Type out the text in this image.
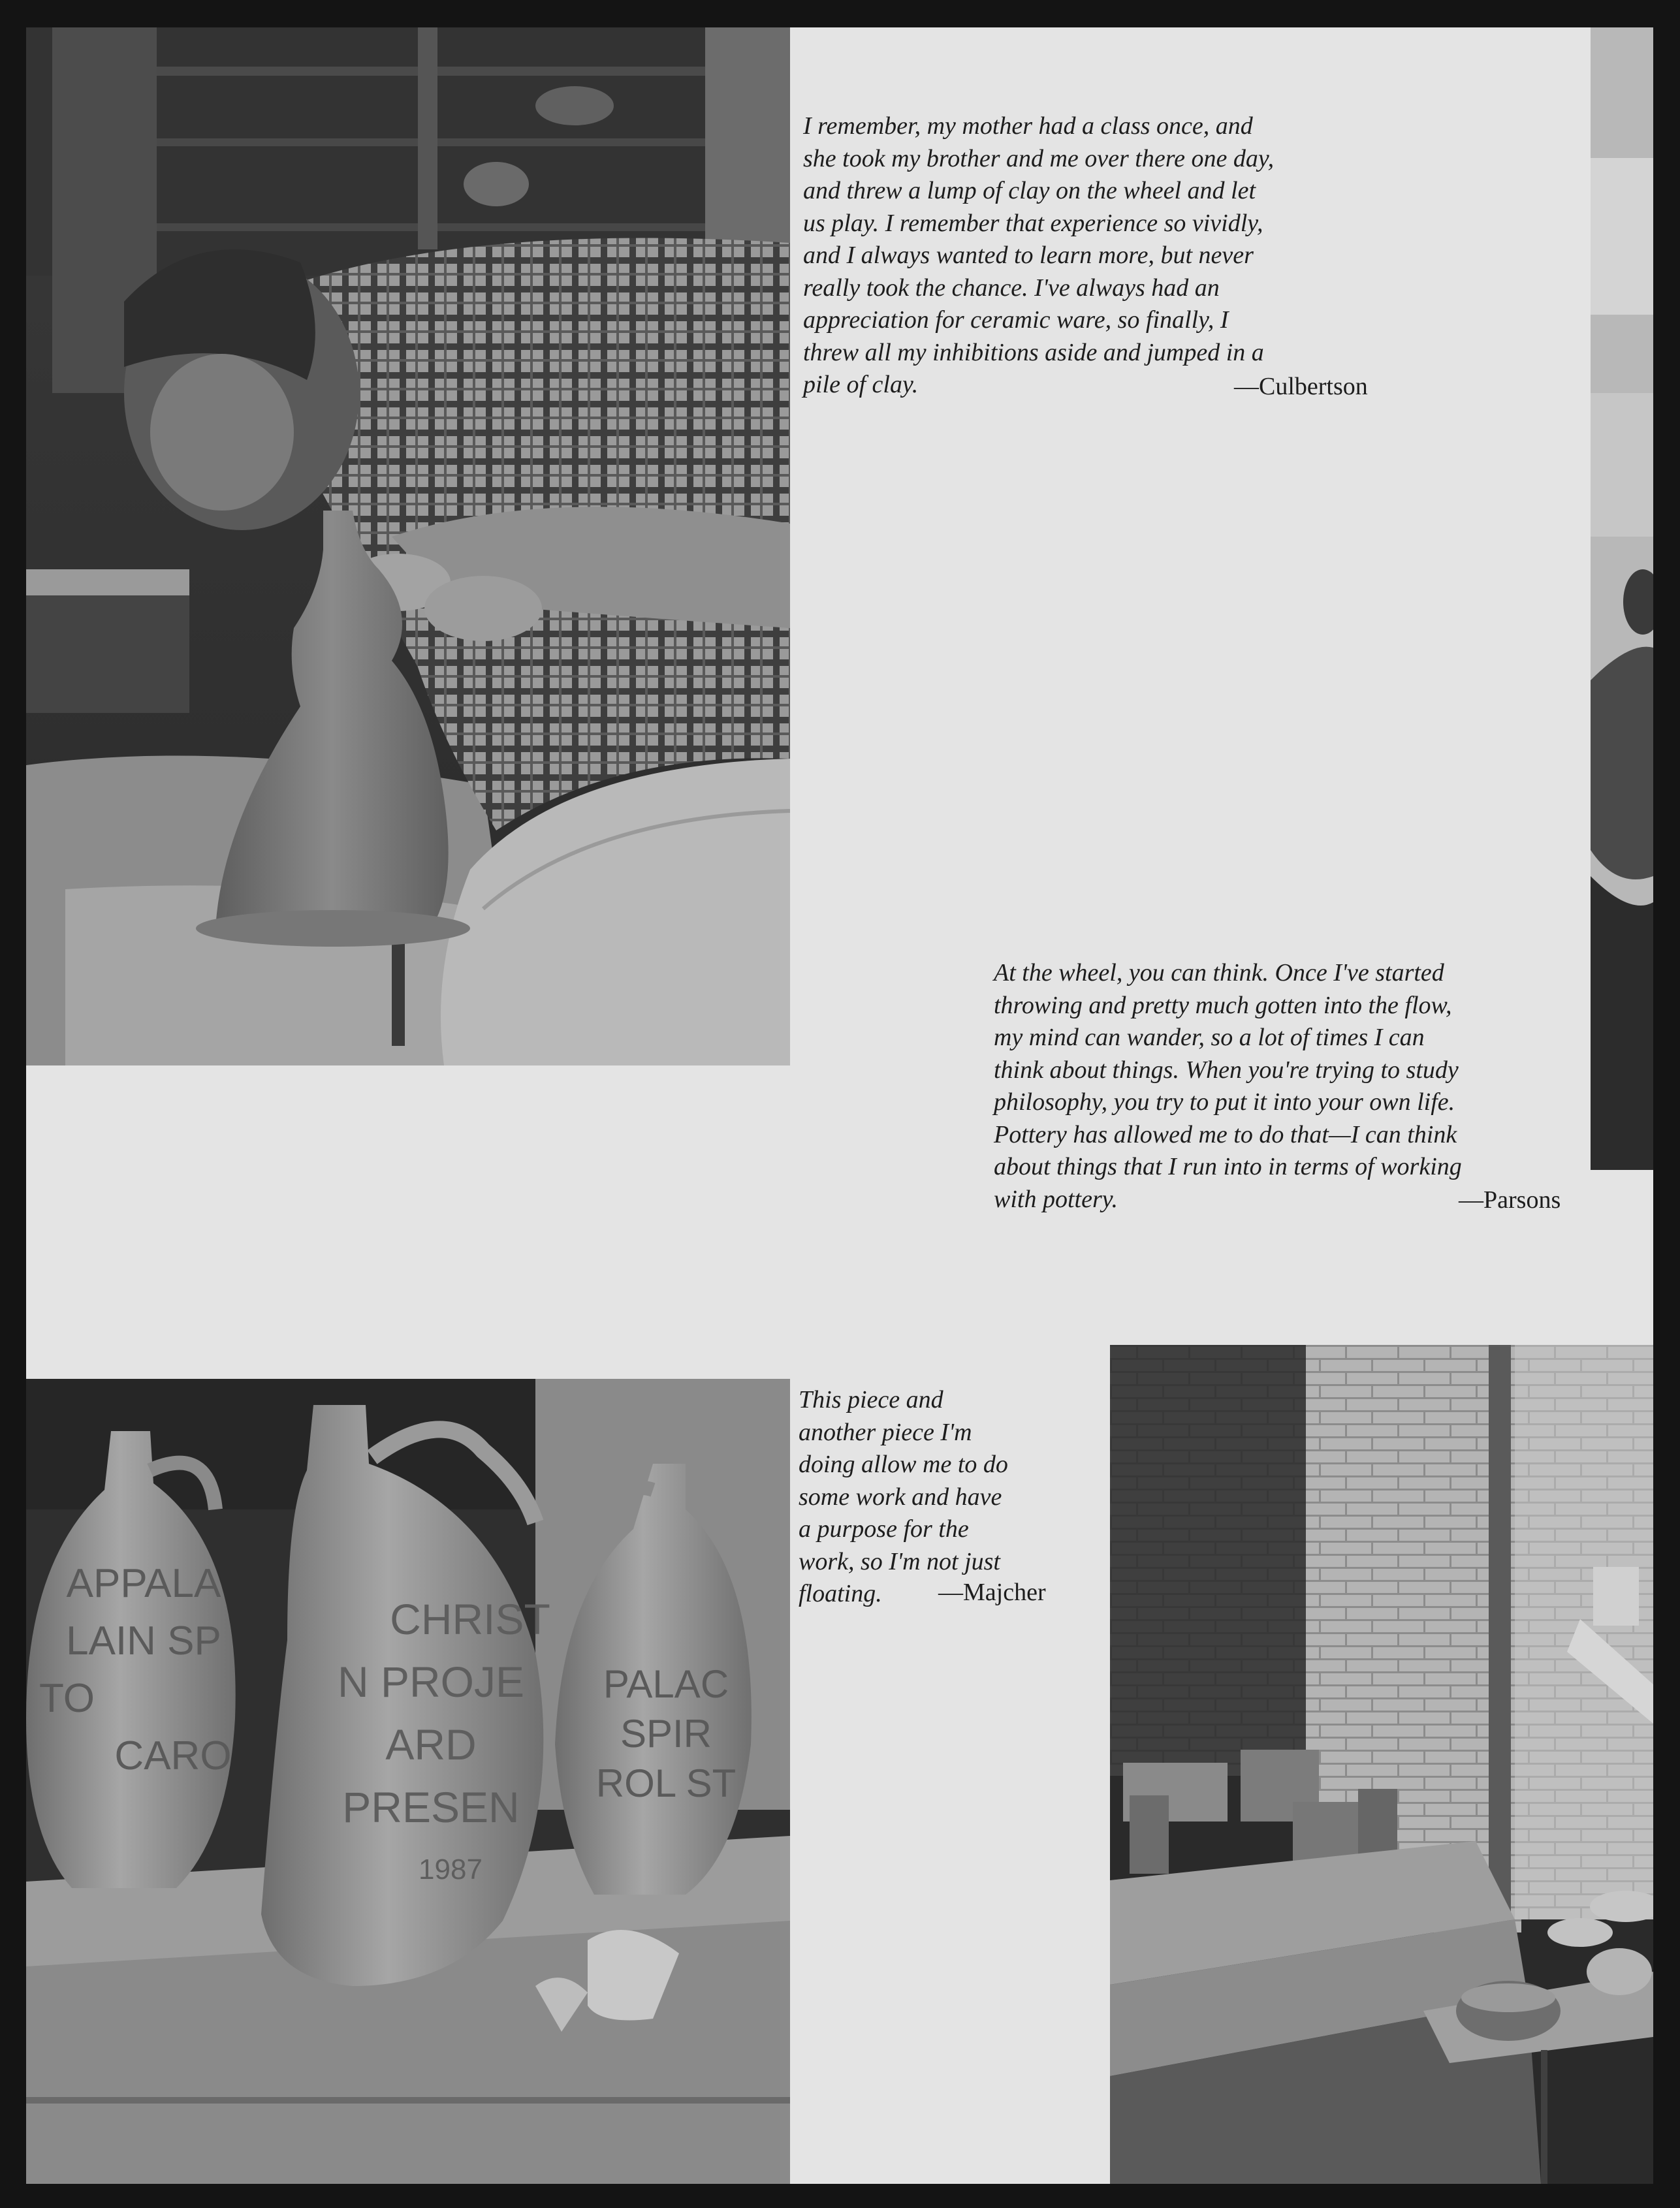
I remember, my mother had a class once, and
she took my brother and me over there one day,
and threw a lump of clay on the wheel and let
us play. I remember that experience so vividly,
and I always wanted to learn more, but never
really took the chance. I've always had an
appreciation for ceramic ware, so finally, I
threw all my inhibitions aside and jumped in a
pile of clay.	—Culbertson
At the wheel, you can think. Once I've started
throwing and pretty much gotten into the flow,
my mind can wander, so a lot of times I can
think about things. When you're trying to study
philosophy, you try to put it into your own life.
Pottery has allowed me to do that—I can think
about things that I run into in terms of working
with pottery.	—Parsons
APPALA
LAIN SP
TO
CARO
CHRIST
N PROJE
ARD PRESEN
1987
PALAC
SPIR
ROL ST
This piece and
another piece I'm
doing allow me to do
some work and have
a purpose for the
work, so I'm not just
floating.	—Majcher
